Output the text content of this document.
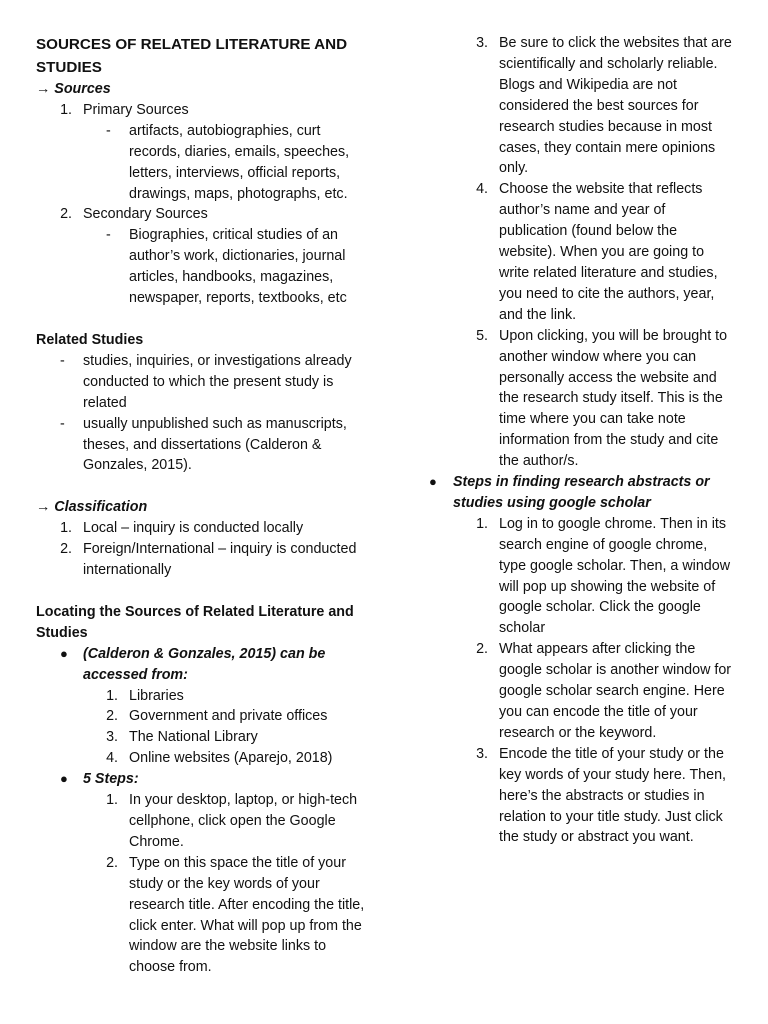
SOURCES OF RELATED LITERATURE AND STUDIES

→ Sources

1. Primary Sources
-	artifacts, autobiographies, curt records, diaries, emails, speeches, letters, interviews, official reports, drawings, maps, photographs, etc.
2. Secondary Sources
-	Biographies, critical studies of an author’s work, dictionaries, journal articles, handbooks, magazines, newspaper, reports, textbooks, etc

Related Studies

-	studies, inquiries, or investigations already conducted to which the present study is related
-	usually unpublished such as manuscripts, theses, and dissertations (Calderon & Gonzales, 2015).

→ Classification

1. Local – inquiry is conducted locally
2. Foreign/International – inquiry is conducted internationally

Locating the Sources of Related Literature and Studies

●	(Calderon & Gonzales, 2015) can be accessed from:
1. Libraries
2. Government and private offices
3. The National Library
4. Online websites (Aparejo, 2018)
●	5 Steps:
1. In your desktop, laptop, or high-tech cellphone, click open the Google Chrome.
2. Type on this space the title of your study or the key words of your research title. After encoding the title, click enter. What will pop up from the window are the website links to choose from.
3. Be sure to click the websites that are scientifically and scholarly reliable. Blogs and Wikipedia are not considered the best sources for research studies because in most cases, they contain mere opinions only.
4. Choose the website that reflects author’s name and year of publication (found below the website). When you are going to write related literature and studies, you need to cite the authors, year, and the link.
5. Upon clicking, you will be brought to another window where you can personally access the website and the research study itself. This is the time where you can take note information from the study and cite the author/s.
●	Steps in finding research abstracts or studies using google scholar
1. Log in to google chrome. Then in its search engine of google chrome, type google scholar. Then, a window will pop up showing the website of google scholar. Click the google scholar
2. What appears after clicking the google scholar is another window for google scholar search engine. Here you can encode the title of your research or the keyword.
3. Encode the title of your study or the key words of your study here. Then, here’s the abstracts or studies in relation to your title study. Just click the study or abstract you want.
